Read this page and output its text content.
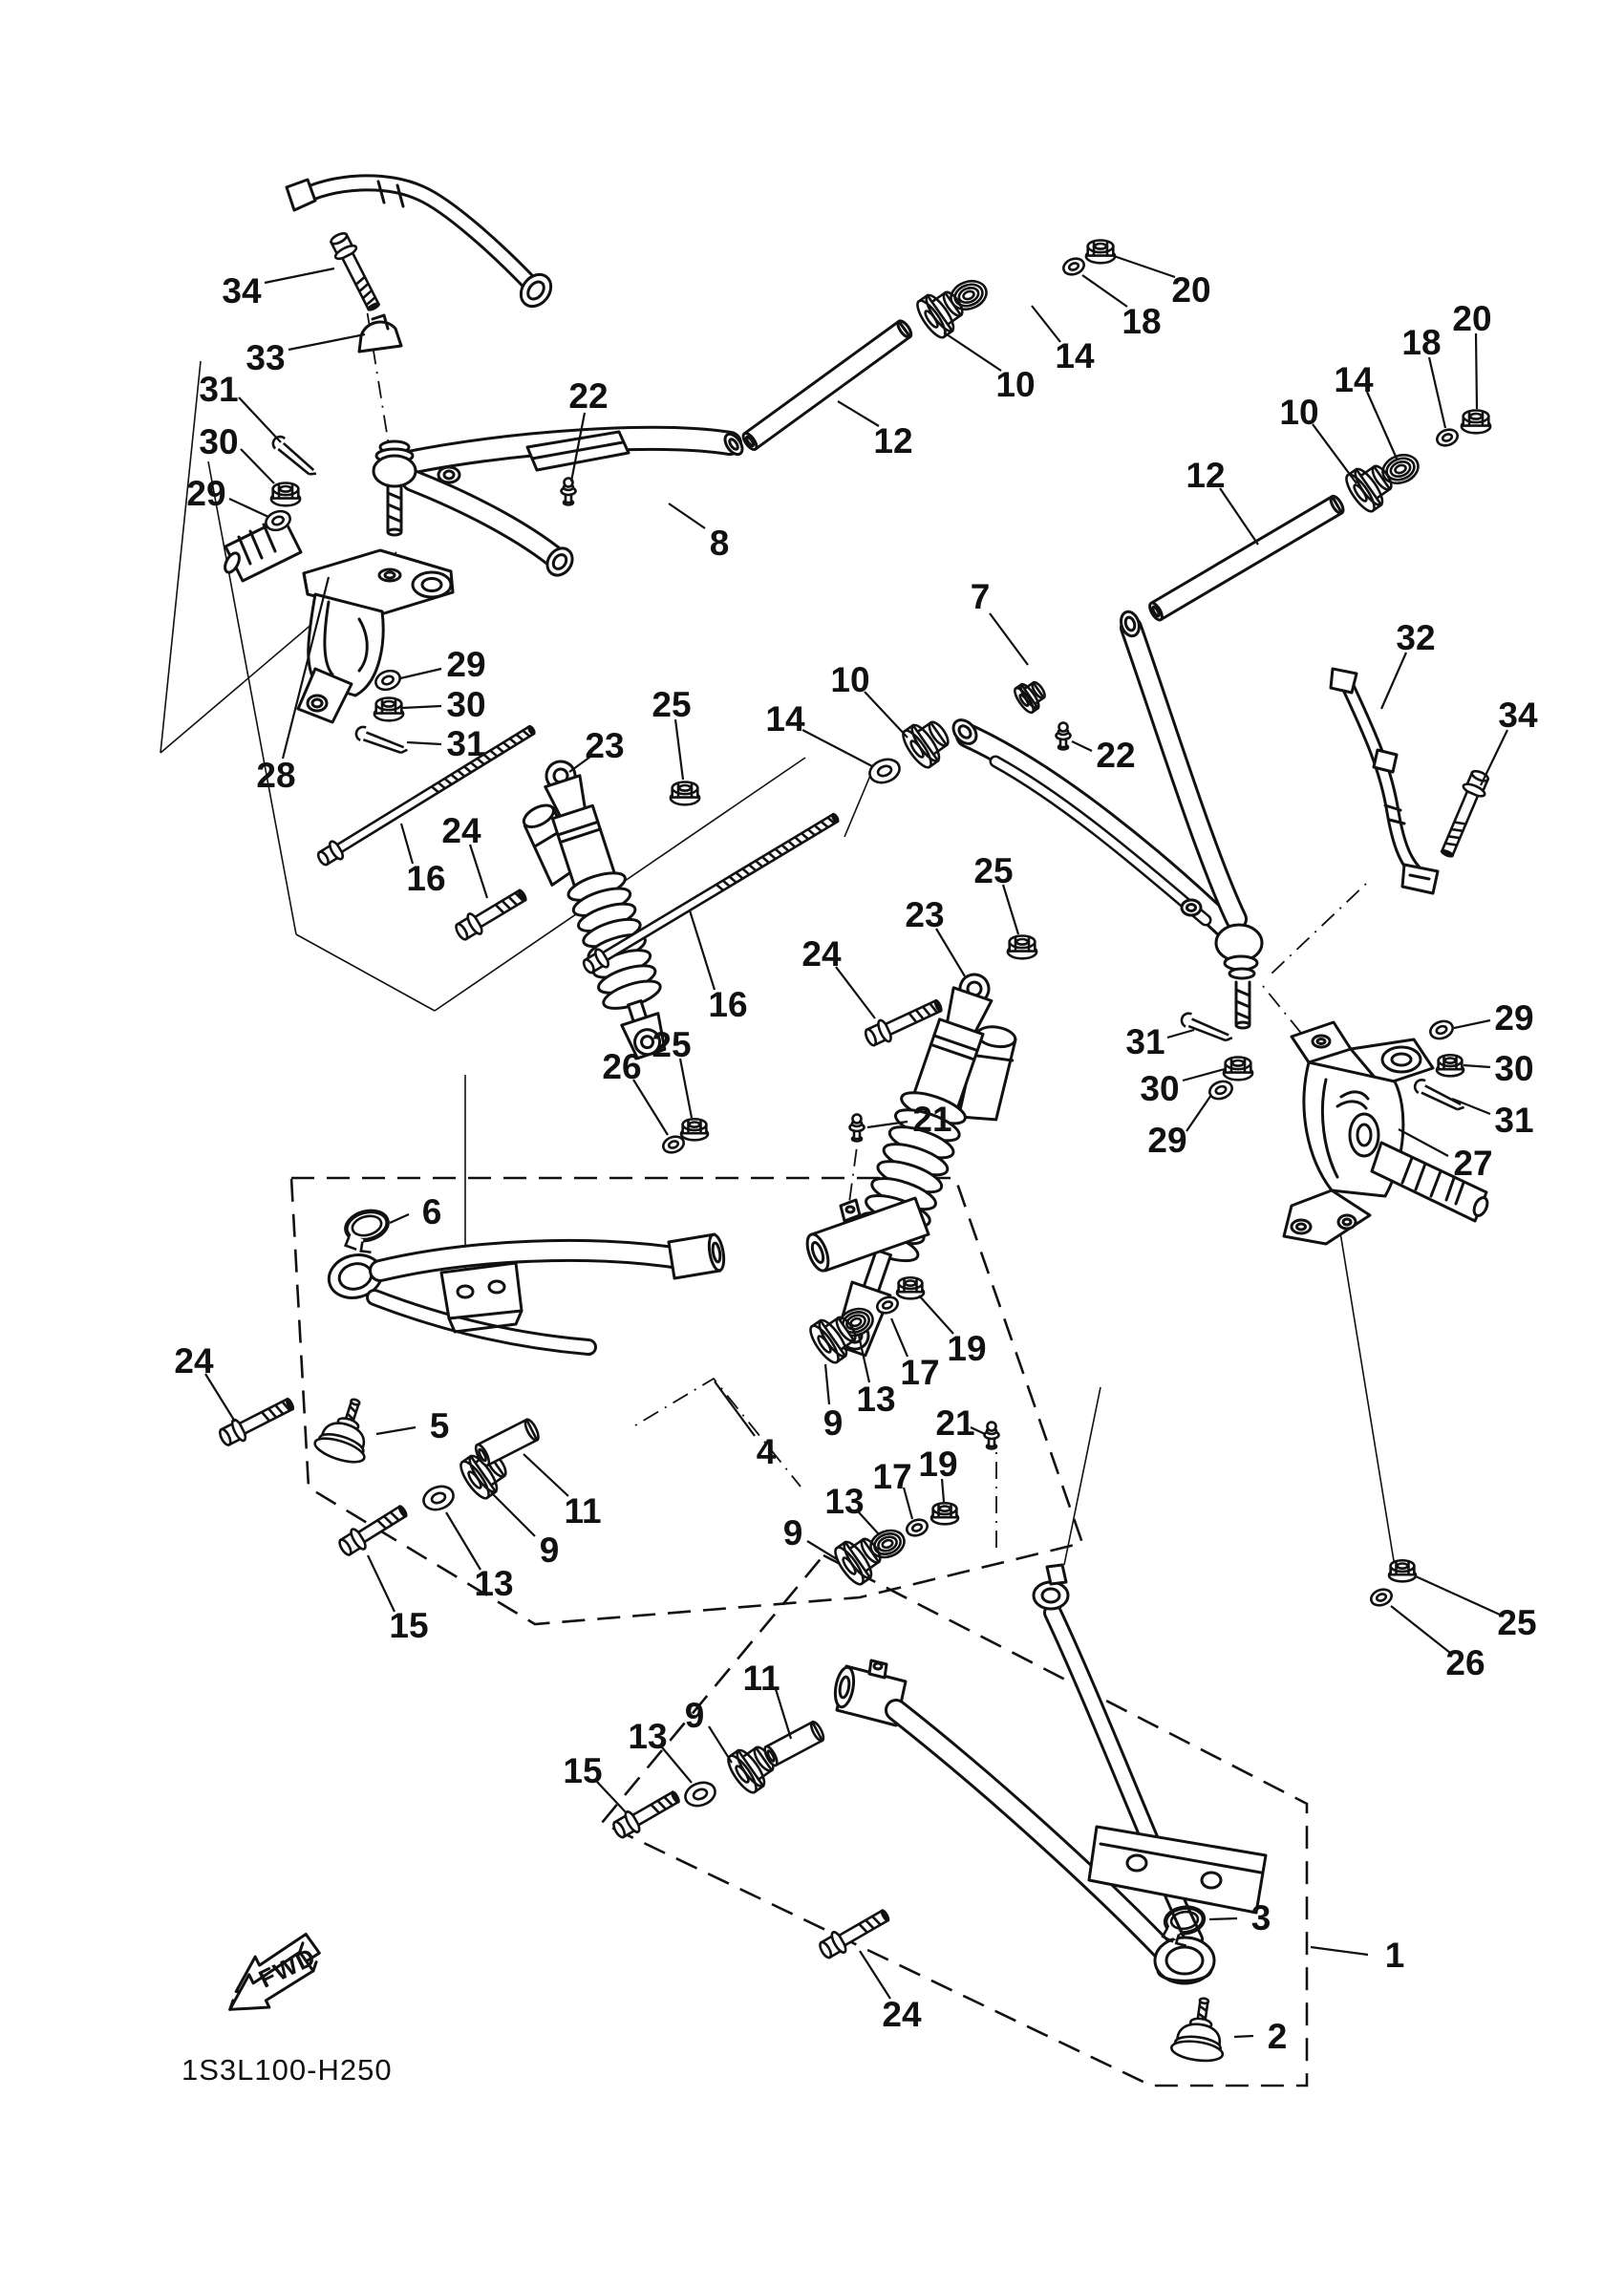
FWD
1S3L100-H250
1
2
3
4
5
6
7
8
9
9
9
9
10
10
10
11
11
12
12
13
13
13
13
14
14
14
15
15
16
16
17
17
18
18
19
19
20
20
21
21
22
22
23
23
24
24
24
24
25
25
25
25
26
26
27
28
29
29
29
29
30
30
30
30
31
31
31
31
32
33
34
34
